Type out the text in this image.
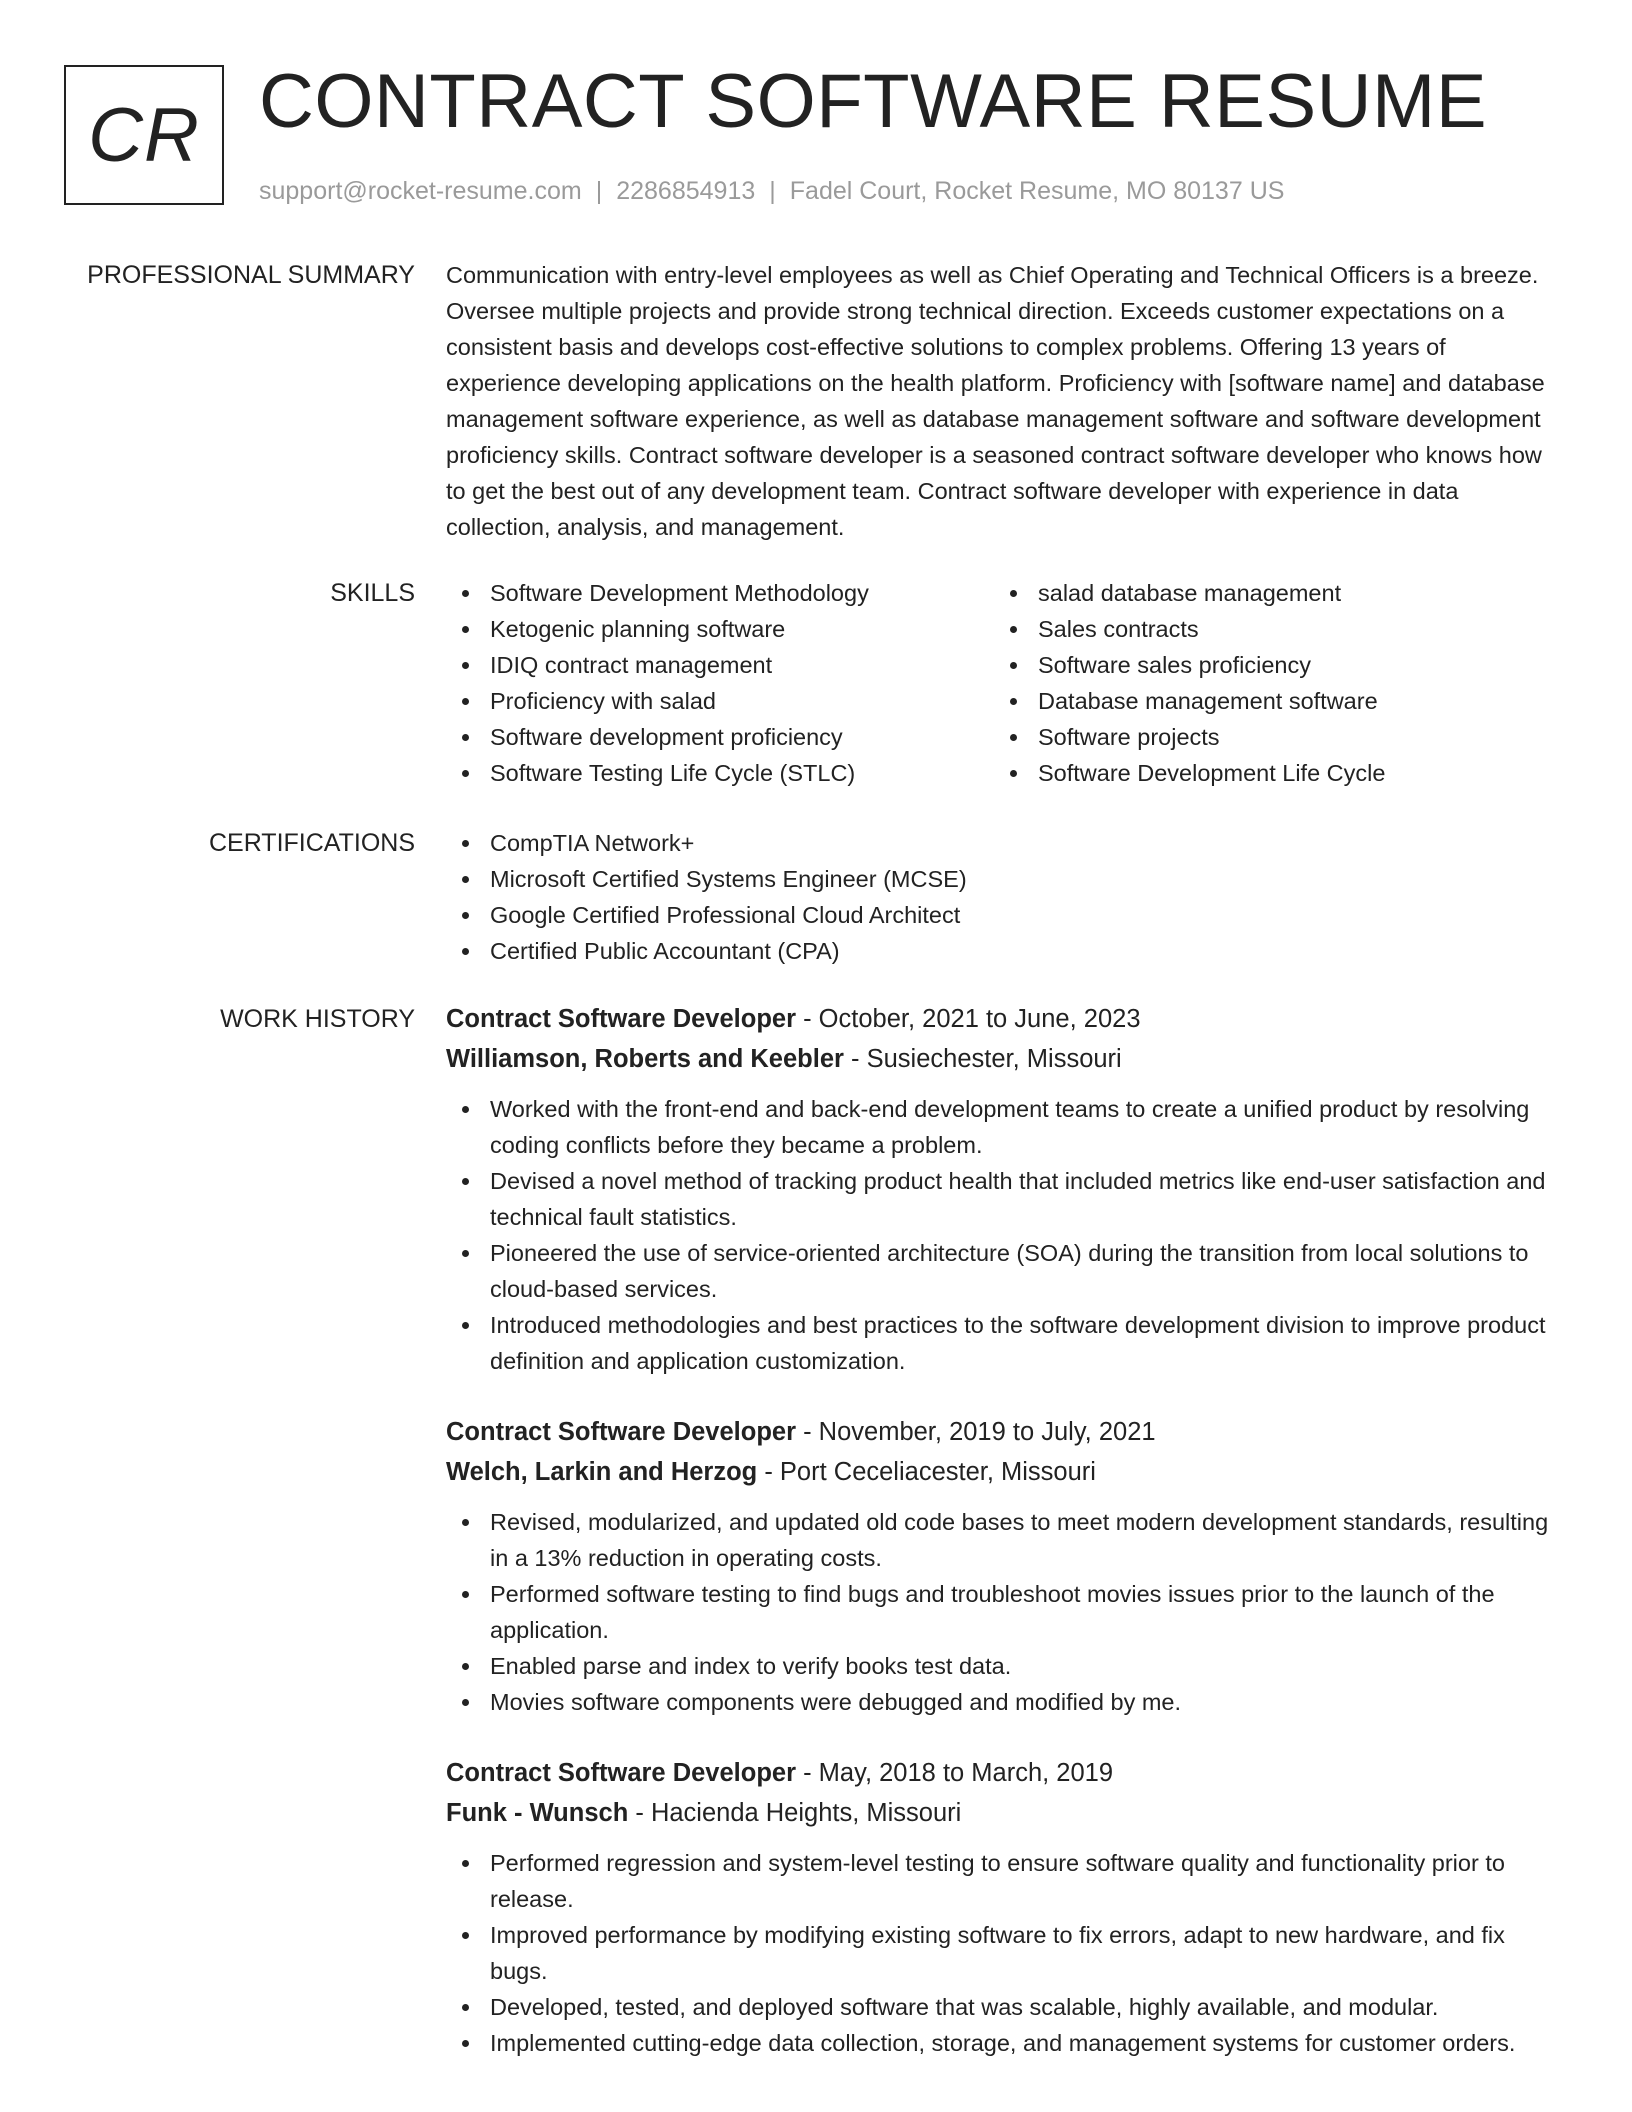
CR CONTRACT SOFTWARE RESUME
support@rocket-resume.com | 2286854913 | Fadel Court, Rocket Resume, MO 80137 US
PROFESSIONAL SUMMARY Communication with entry-level employees as well as Chief Operating and Technical Officers is a breeze. Oversee multiple projects and provide strong technical direction. Exceeds customer expectations on a consistent basis and develops cost-effective solutions to complex problems. Offering 13 years of experience developing applications on the health platform. Proficiency with [software name] and database management software experience, as well as database management software and software development proficiency skills. Contract software developer is a seasoned contract software developer who knows how to get the best out of any development team. Contract software developer with experience in data collection, analysis, and management.

SKILLS	Software Development Methodology
Ketogenic planning software
IDIQ contract management
Proficiency with salad
Software development proficiency
Software Testing Life Cycle (STLC)
salad database management
Sales contracts
Software sales proficiency
Database management software
Software projects
Software Development Life Cycle
CERTIFICATIONS	CompTIA Network+
Microsoft Certified Systems Engineer (MCSE)
Google Certified Professional Cloud Architect
Certified Public Accountant (CPA)
WORK HISTORY Contract Software Developer - October, 2021 to June, 2023
Williamson, Roberts and Keebler - Susiechester, Missouri
Worked with the front-end and back-end development teams to create a unified product by resolving coding conflicts before they became a problem.
Devised a novel method of tracking product health that included metrics like end-user satisfaction and technical fault statistics.
Pioneered the use of service-oriented architecture (SOA) during the transition from local solutions to cloud-based services.
Introduced methodologies and best practices to the software development division to improve product definition and application customization.
Contract Software Developer - November, 2019 to July, 2021
Welch, Larkin and Herzog - Port Ceceliacester, Missouri
Revised, modularized, and updated old code bases to meet modern development standards, resulting in a 13% reduction in operating costs.
Performed software testing to find bugs and troubleshoot movies issues prior to the launch of the application.
Enabled parse and index to verify books test data.
Movies software components were debugged and modified by me.
Contract Software Developer - May, 2018 to March, 2019
Funk - Wunsch - Hacienda Heights, Missouri
Performed regression and system-level testing to ensure software quality and functionality prior to release.
Improved performance by modifying existing software to fix errors, adapt to new hardware, and fix bugs.
Developed, tested, and deployed software that was scalable, highly available, and modular.
Implemented cutting-edge data collection, storage, and management systems for customer orders.
